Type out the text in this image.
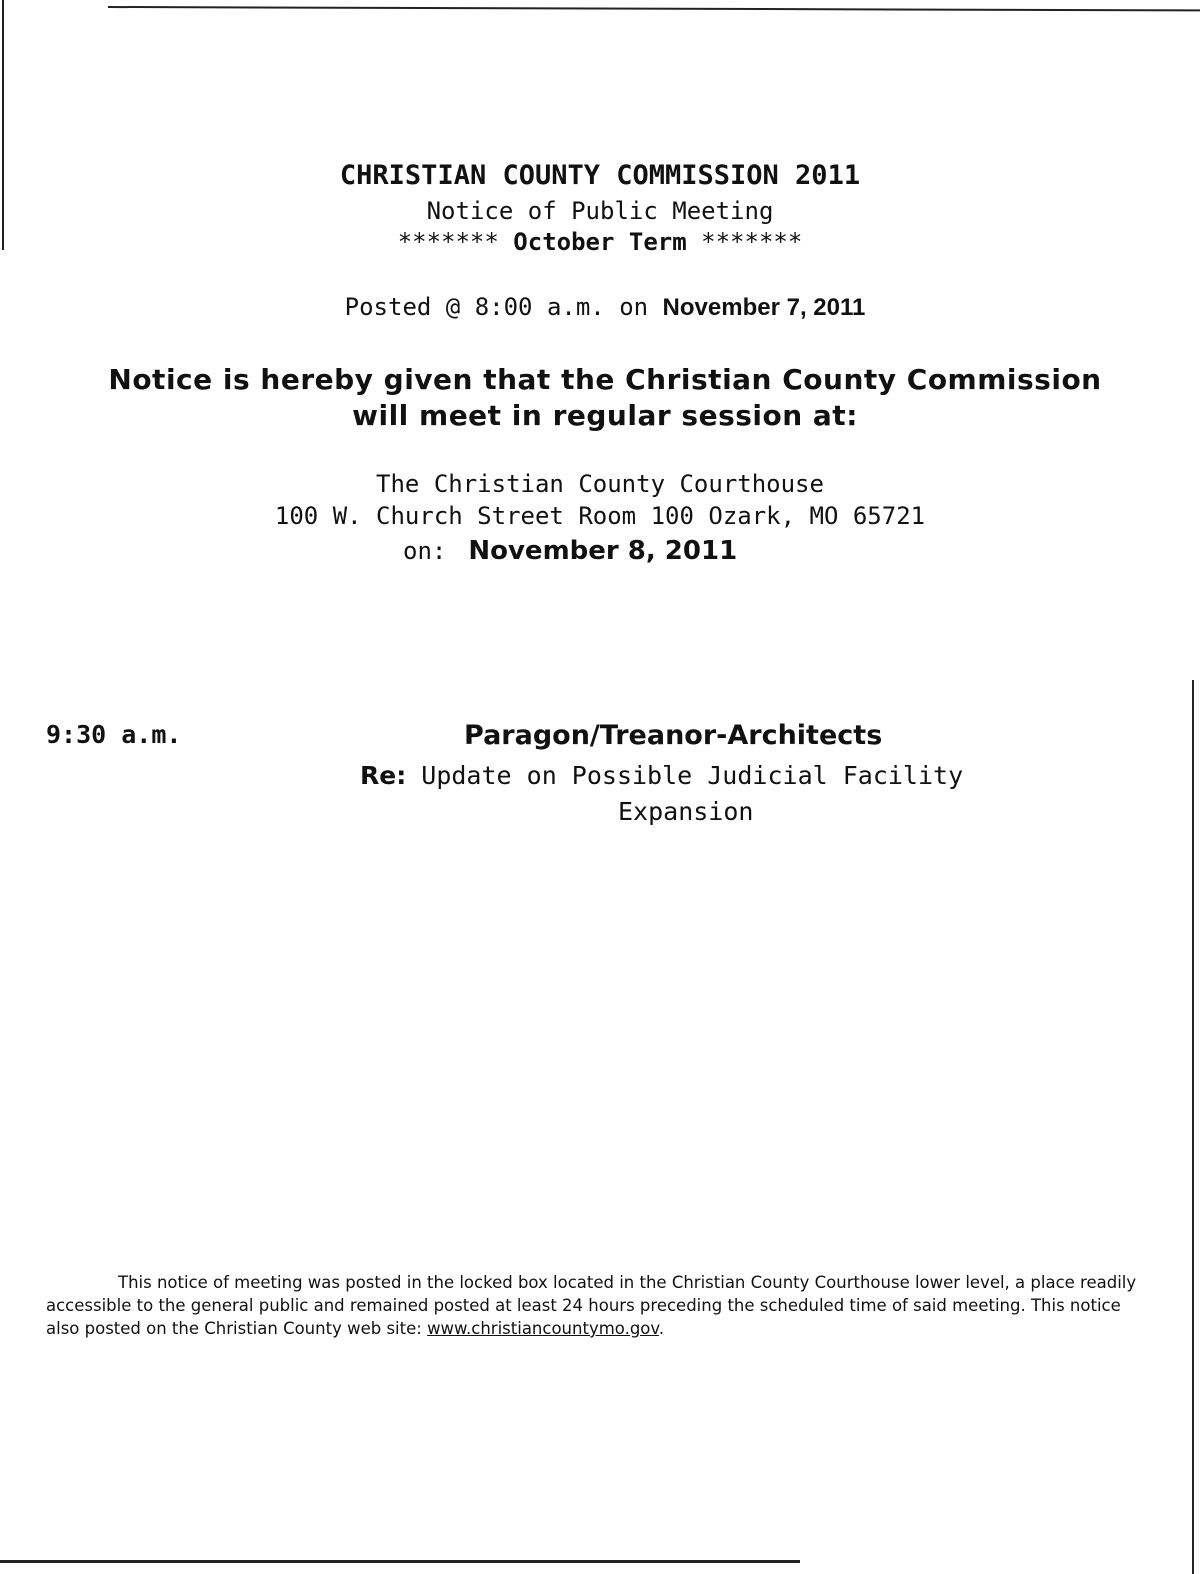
CHRISTIAN COUNTY COMMISSION 2011
Notice of Public Meeting
******* October Term *******
Posted @ 8:00 a.m. on November 7, 2011
Notice is hereby given that the Christian County Commission
will meet in regular session at:
The Christian County Courthouse
100 W. Church Street Room 100 Ozark, MO 65721
on: November 8, 2011
9:30 a.m.	Paragon/Treanor-Architects
Re: Update on Possible Judicial Facility
Expansion
This notice of meeting was posted in the locked box located in the Christian County Courthouse lower level, a place readily accessible to the general public and remained posted at least 24 hours preceding the scheduled time of said meeting. This notice also posted on the Christian County web site: www.christiancountymo.gov.
